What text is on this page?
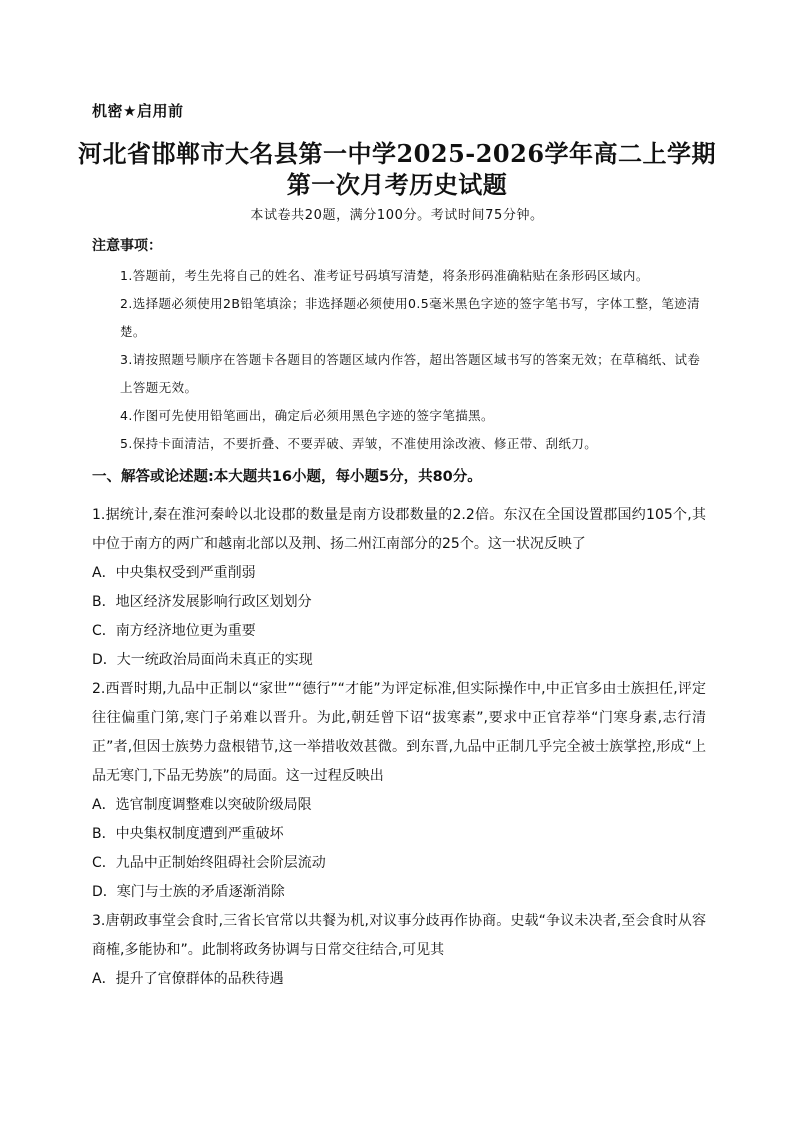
机密★启用前
河北省邯郸市大名县第一中学2025-2026学年高二上学期
第一次月考历史试题
本试卷共20题，满分100分。考试时间75分钟。
注意事项：
1.答题前，考生先将自己的姓名、准考证号码填写清楚，将条形码准确粘贴在条形码区域内。
2.选择题必须使用2B铅笔填涂；非选择题必须使用0.5毫米黑色字迹的签字笔书写，字体工整，笔迹清楚。
3.请按照题号顺序在答题卡各题目的答题区域内作答，超出答题区域书写的答案无效；在草稿纸、试卷上答题无效。
4.作图可先使用铅笔画出，确定后必须用黑色字迹的签字笔描黑。
5.保持卡面清洁，不要折叠、不要弄破、弄皱，不准使用涂改液、修正带、刮纸刀。
一、解答或论述题:本大题共16小题，每小题5分，共80分。
1.据统计,秦在淮河秦岭以北设郡的数量是南方设郡数量的2.2倍。东汉在全国设置郡国约105个,其中位于南方的两广和越南北部以及荆、扬二州江南部分的25个。这一状况反映了
A．中央集权受到严重削弱
B．地区经济发展影响行政区划划分
C．南方经济地位更为重要
D．大一统政治局面尚未真正的实现
2.西晋时期,九品中正制以“家世”“德行”“才能”为评定标准,但实际操作中,中正官多由士族担任,评定往往偏重门第,寒门子弟难以晋升。为此,朝廷曾下诏“拔寒素”,要求中正官荐举“门寒身素,志行清正”者,但因士族势力盘根错节,这一举措收效甚微。到东晋,九品中正制几乎完全被士族掌控,形成“上品无寒门,下品无势族”的局面。这一过程反映出
A．选官制度调整难以突破阶级局限
B．中央集权制度遭到严重破坏
C．九品中正制始终阻碍社会阶层流动
D．寒门与士族的矛盾逐渐消除
3.唐朝政事堂会食时,三省长官常以共餐为机,对议事分歧再作协商。史载“争议未决者,至会食时从容商榷,多能协和”。此制将政务协调与日常交往结合,可见其
A．提升了官僚群体的品秩待遇
